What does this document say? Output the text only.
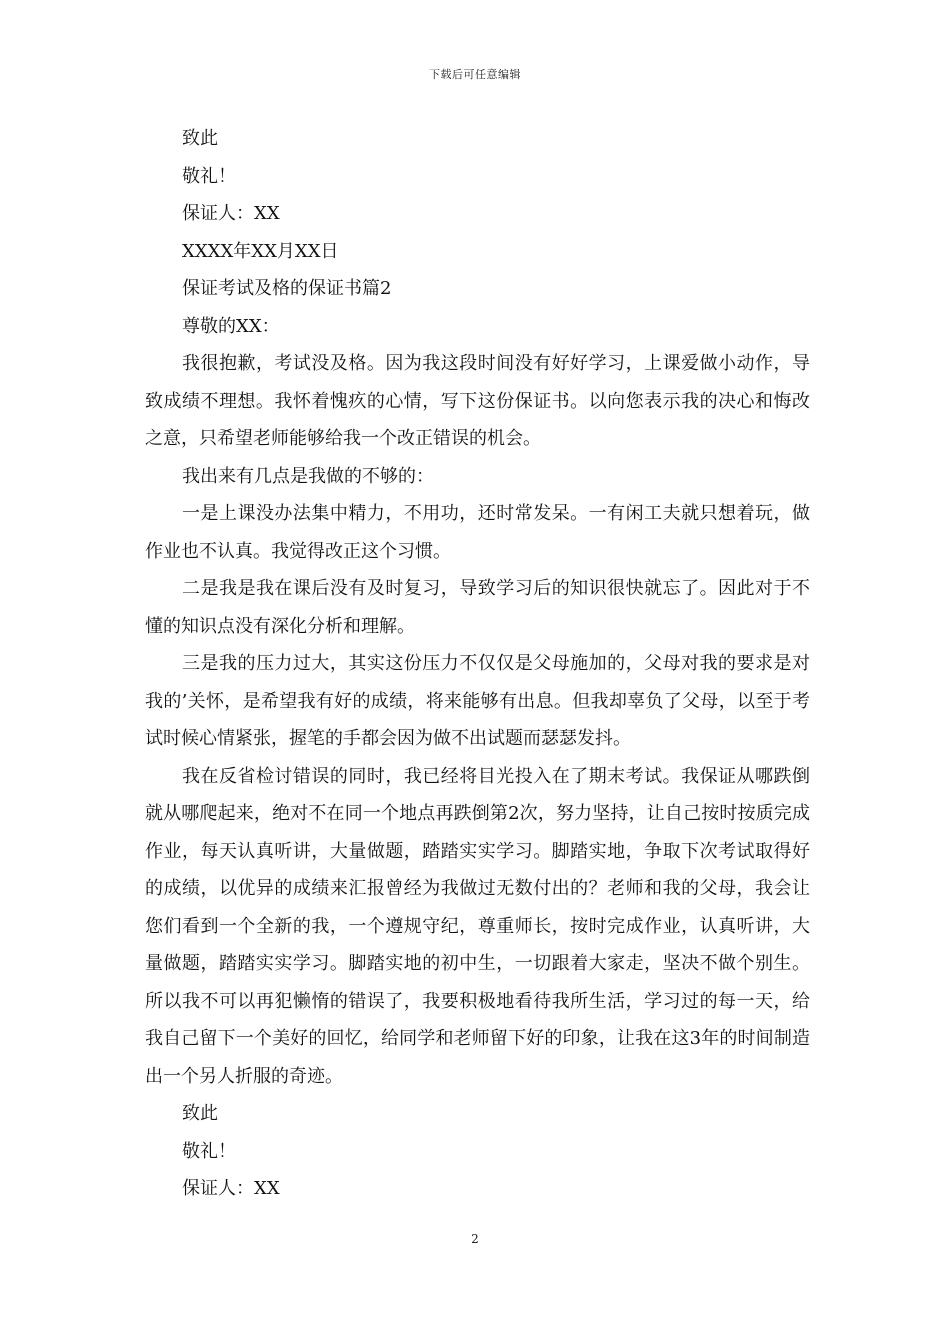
下载后可任意编辑
致此
敬礼！
保证人：XX
XXXX年XX月XX日
保证考试及格的保证书篇2
尊敬的XX：

我很抱歉，考试没及格。因为我这段时间没有好好学习，上课爱做小动作，导致成绩不理想。我怀着愧疚的心情，写下这份保证书。以向您表示我的决心和悔改之意，只希望老师能够给我一个改正错误的机会。

我出来有几点是我做的不够的：

一是上课没办法集中精力，不用功，还时常发呆。一有闲工夫就只想着玩，做作业也不认真。我觉得改正这个习惯。

二是我是我在课后没有及时复习，导致学习后的知识很快就忘了。因此对于不懂的知识点没有深化分析和理解。

三是我的压力过大，其实这份压力不仅仅是父母施加的，父母对我的要求是对我的’关怀，是希望我有好的成绩，将来能够有出息。但我却辜负了父母，以至于考试时候心情紧张，握笔的手都会因为做不出试题而瑟瑟发抖。

我在反省检讨错误的同时，我已经将目光投入在了期末考试。我保证从哪跌倒就从哪爬起来，绝对不在同一个地点再跌倒第2次，努力坚持，让自己按时按质完成作业，每天认真听讲，大量做题，踏踏实实学习。脚踏实地，争取下次考试取得好的成绩，以优异的成绩来汇报曾经为我做过无数付出的？老师和我的父母，我会让您们看到一个全新的我，一个遵规守纪，尊重师长，按时完成作业，认真听讲，大量做题，踏踏实实学习。脚踏实地的初中生，一切跟着大家走，坚决不做个别生。所以我不可以再犯懒惰的错误了，我要积极地看待我所生活，学习过的每一天，给我自己留下一个美好的回忆，给同学和老师留下好的印象，让我在这3年的时间制造出一个另人折服的奇迹。

致此
敬礼！
保证人：XX
2
